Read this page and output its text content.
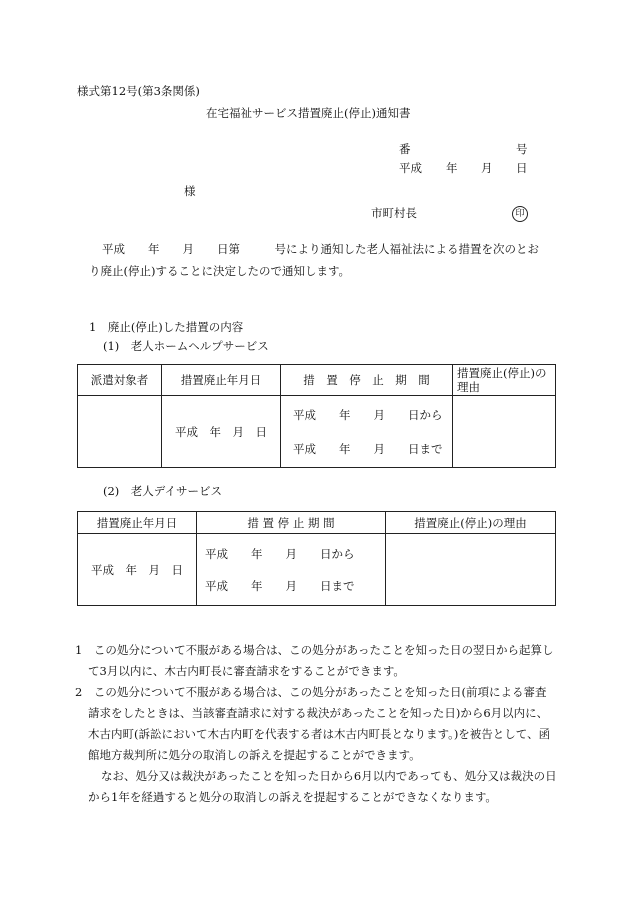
様式第12号(第3条関係)
在宅福祉サービス措置廃止(停止)通知書
番	号
平成 年 月 日
様
市町村長	印
平成　　年　　月　　日第　　　号により通知した老人福祉法による措置を次のとお
り廃止(停止)することに決定したので通知します。
1　廃止(停止)した措置の内容
(1)　老人ホームヘルプサービス
派遣対象者	措置廃止年月日	措　置　停　止　期　間	措置廃止(停止)の理由
	平成　年　月　日	平成　　年　　月　　日から
平成　　年　　月　　日まで	

(2)　老人デイサービス
措置廃止年月日	措 置 停 止 期 間	措置廃止(停止)の理由
平成　年　月　日	平成　　年　　月　　日から
平成　　年　　月　　日まで	

1　この処分について不服がある場合は、この処分があったことを知った日の翌日から起算して3月以内に、木古内町長に審査請求をすることができます。
2　この処分について不服がある場合は、この処分があったことを知った日(前項による審査請求をしたときは、当該審査請求に対する裁決があったことを知った日)から6月以内に、木古内町(訴訟において木古内町を代表する者は木古内町長となります。)を被告として、函館地方裁判所に処分の取消しの訴えを提起することができます。
なお、処分又は裁決があったことを知った日から6月以内であっても、処分又は裁決の日から1年を経過すると処分の取消しの訴えを提起することができなくなります。
